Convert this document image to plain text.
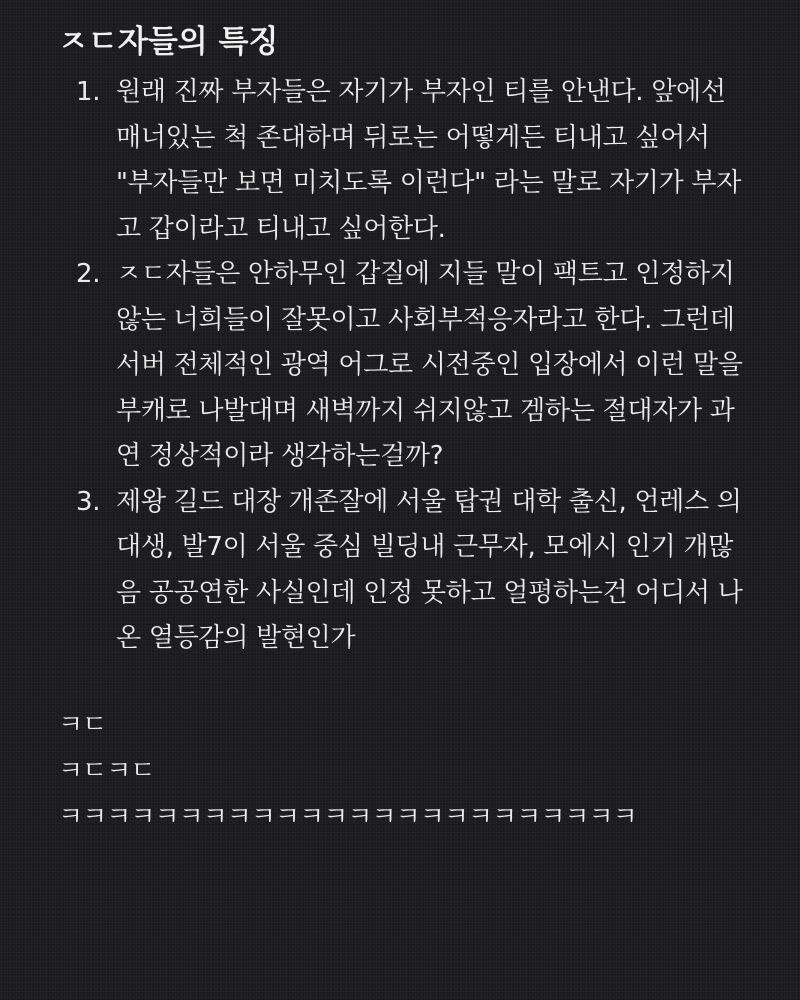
ㅈㄷ자들의 특징
1. 원래 진짜 부자들은 자기가 부자인 티를 안낸다. 앞에선 매너있는 척 존대하며 뒤로는 어떻게든 티내고 싶어서 "부자들만 보면 미치도록 이런다" 라는 말로 자기가 부자고 갑이라고 티내고 싶어한다.
2. ㅈㄷ자들은 안하무인 갑질에 지들 말이 팩트고 인정하지 않는 너희들이 잘못이고 사회부적응자라고 한다. 그런데 서버 전체적인 광역 어그로 시전중인 입장에서 이런 말을 부캐로 나발대며 새벽까지 쉬지않고 겜하는 절대자가 과연 정상적이라 생각하는걸까?
3. 제왕 길드 대장 개존잘에 서울 탑권 대학 출신, 언레스 의대생, 발7이 서울 중심 빌딩내 근무자, 모에시 인기 개많음 공공연한 사실인데 인정 못하고 얼평하는건 어디서 나온 열등감의 발현인가
ㅋㄷ
ㅋㄷㅋㄷ
ㅋㅋㅋㅋㅋㅋㅋㅋㅋㅋㅋㅋㅋㅋㅋㅋㅋㅋㅋㅋㅋㅋㅋㅋ
